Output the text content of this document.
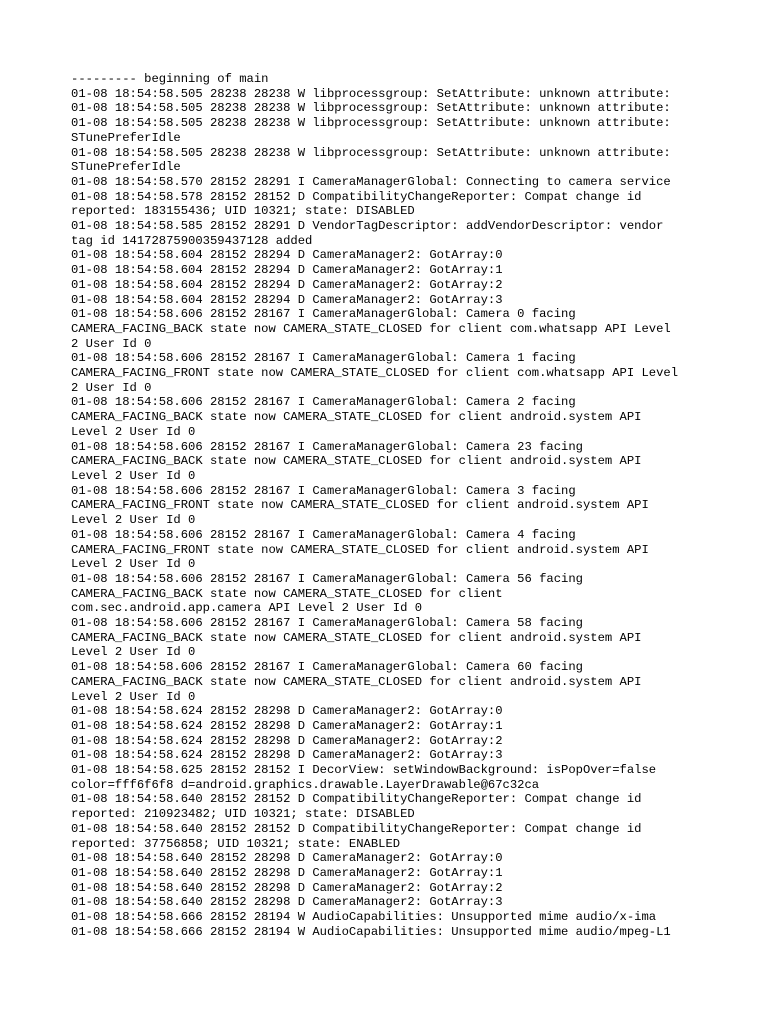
--------- beginning of main
01-08 18:54:58.505 28238 28238 W libprocessgroup: SetAttribute: unknown attribute:
01-08 18:54:58.505 28238 28238 W libprocessgroup: SetAttribute: unknown attribute:
01-08 18:54:58.505 28238 28238 W libprocessgroup: SetAttribute: unknown attribute:
STunePreferIdle
01-08 18:54:58.505 28238 28238 W libprocessgroup: SetAttribute: unknown attribute:
STunePreferIdle
01-08 18:54:58.570 28152 28291 I CameraManagerGlobal: Connecting to camera service
01-08 18:54:58.578 28152 28152 D CompatibilityChangeReporter: Compat change id
reported: 183155436; UID 10321; state: DISABLED
01-08 18:54:58.585 28152 28291 D VendorTagDescriptor: addVendorDescriptor: vendor
tag id 14172875900359437128 added
01-08 18:54:58.604 28152 28294 D CameraManager2: GotArray:0
01-08 18:54:58.604 28152 28294 D CameraManager2: GotArray:1
01-08 18:54:58.604 28152 28294 D CameraManager2: GotArray:2
01-08 18:54:58.604 28152 28294 D CameraManager2: GotArray:3
01-08 18:54:58.606 28152 28167 I CameraManagerGlobal: Camera 0 facing
CAMERA_FACING_BACK state now CAMERA_STATE_CLOSED for client com.whatsapp API Level
2 User Id 0
01-08 18:54:58.606 28152 28167 I CameraManagerGlobal: Camera 1 facing
CAMERA_FACING_FRONT state now CAMERA_STATE_CLOSED for client com.whatsapp API Level
2 User Id 0
01-08 18:54:58.606 28152 28167 I CameraManagerGlobal: Camera 2 facing
CAMERA_FACING_BACK state now CAMERA_STATE_CLOSED for client android.system API
Level 2 User Id 0
01-08 18:54:58.606 28152 28167 I CameraManagerGlobal: Camera 23 facing
CAMERA_FACING_BACK state now CAMERA_STATE_CLOSED for client android.system API
Level 2 User Id 0
01-08 18:54:58.606 28152 28167 I CameraManagerGlobal: Camera 3 facing
CAMERA_FACING_FRONT state now CAMERA_STATE_CLOSED for client android.system API
Level 2 User Id 0
01-08 18:54:58.606 28152 28167 I CameraManagerGlobal: Camera 4 facing
CAMERA_FACING_FRONT state now CAMERA_STATE_CLOSED for client android.system API
Level 2 User Id 0
01-08 18:54:58.606 28152 28167 I CameraManagerGlobal: Camera 56 facing
CAMERA_FACING_BACK state now CAMERA_STATE_CLOSED for client
com.sec.android.app.camera API Level 2 User Id 0
01-08 18:54:58.606 28152 28167 I CameraManagerGlobal: Camera 58 facing
CAMERA_FACING_BACK state now CAMERA_STATE_CLOSED for client android.system API
Level 2 User Id 0
01-08 18:54:58.606 28152 28167 I CameraManagerGlobal: Camera 60 facing
CAMERA_FACING_BACK state now CAMERA_STATE_CLOSED for client android.system API
Level 2 User Id 0
01-08 18:54:58.624 28152 28298 D CameraManager2: GotArray:0
01-08 18:54:58.624 28152 28298 D CameraManager2: GotArray:1
01-08 18:54:58.624 28152 28298 D CameraManager2: GotArray:2
01-08 18:54:58.624 28152 28298 D CameraManager2: GotArray:3
01-08 18:54:58.625 28152 28152 I DecorView: setWindowBackground: isPopOver=false
color=fff6f6f8 d=android.graphics.drawable.LayerDrawable@67c32ca
01-08 18:54:58.640 28152 28152 D CompatibilityChangeReporter: Compat change id
reported: 210923482; UID 10321; state: DISABLED
01-08 18:54:58.640 28152 28152 D CompatibilityChangeReporter: Compat change id
reported: 37756858; UID 10321; state: ENABLED
01-08 18:54:58.640 28152 28298 D CameraManager2: GotArray:0
01-08 18:54:58.640 28152 28298 D CameraManager2: GotArray:1
01-08 18:54:58.640 28152 28298 D CameraManager2: GotArray:2
01-08 18:54:58.640 28152 28298 D CameraManager2: GotArray:3
01-08 18:54:58.666 28152 28194 W AudioCapabilities: Unsupported mime audio/x-ima
01-08 18:54:58.666 28152 28194 W AudioCapabilities: Unsupported mime audio/mpeg-L1
